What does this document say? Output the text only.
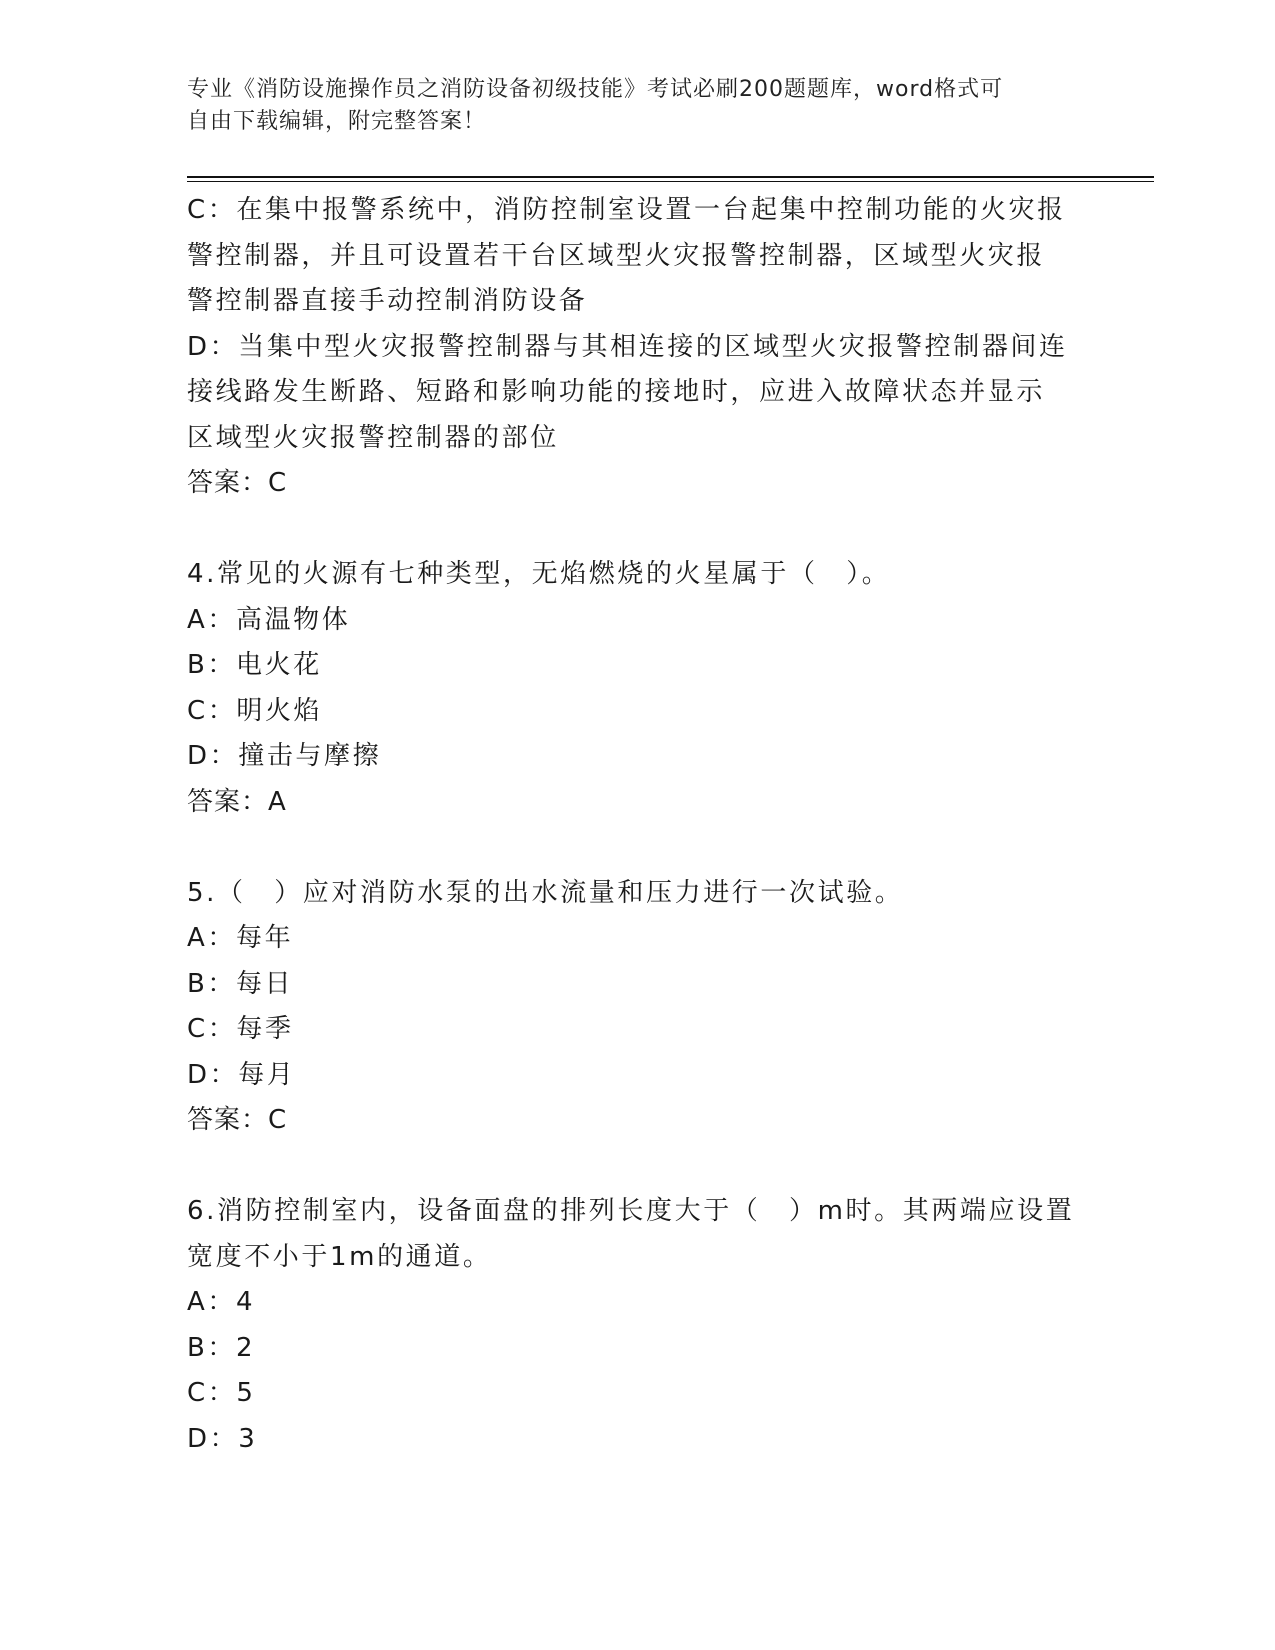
专业《消防设施操作员之消防设备初级技能》考试必刷200题题库，word格式可
自由下载编辑，附完整答案！
C：在集中报警系统中，消防控制室设置一台起集中控制功能的火灾报
警控制器，并且可设置若干台区域型火灾报警控制器，区域型火灾报
警控制器直接手动控制消防设备
D：当集中型火灾报警控制器与其相连接的区域型火灾报警控制器间连
接线路发生断路、短路和影响功能的接地时，应进入故障状态并显示
区域型火灾报警控制器的部位
答案：C
4.常见的火源有七种类型，无焰燃烧的火星属于（　）。
A：高温物体
B：电火花
C：明火焰
D：撞击与摩擦
答案：A
5.（　）应对消防水泵的出水流量和压力进行一次试验。
A：每年
B：每日
C：每季
D：每月
答案：C
6.消防控制室内，设备面盘的排列长度大于（　）m时。其两端应设置
宽度不小于1m的通道。
A：4
B：2
C：5
D：3
